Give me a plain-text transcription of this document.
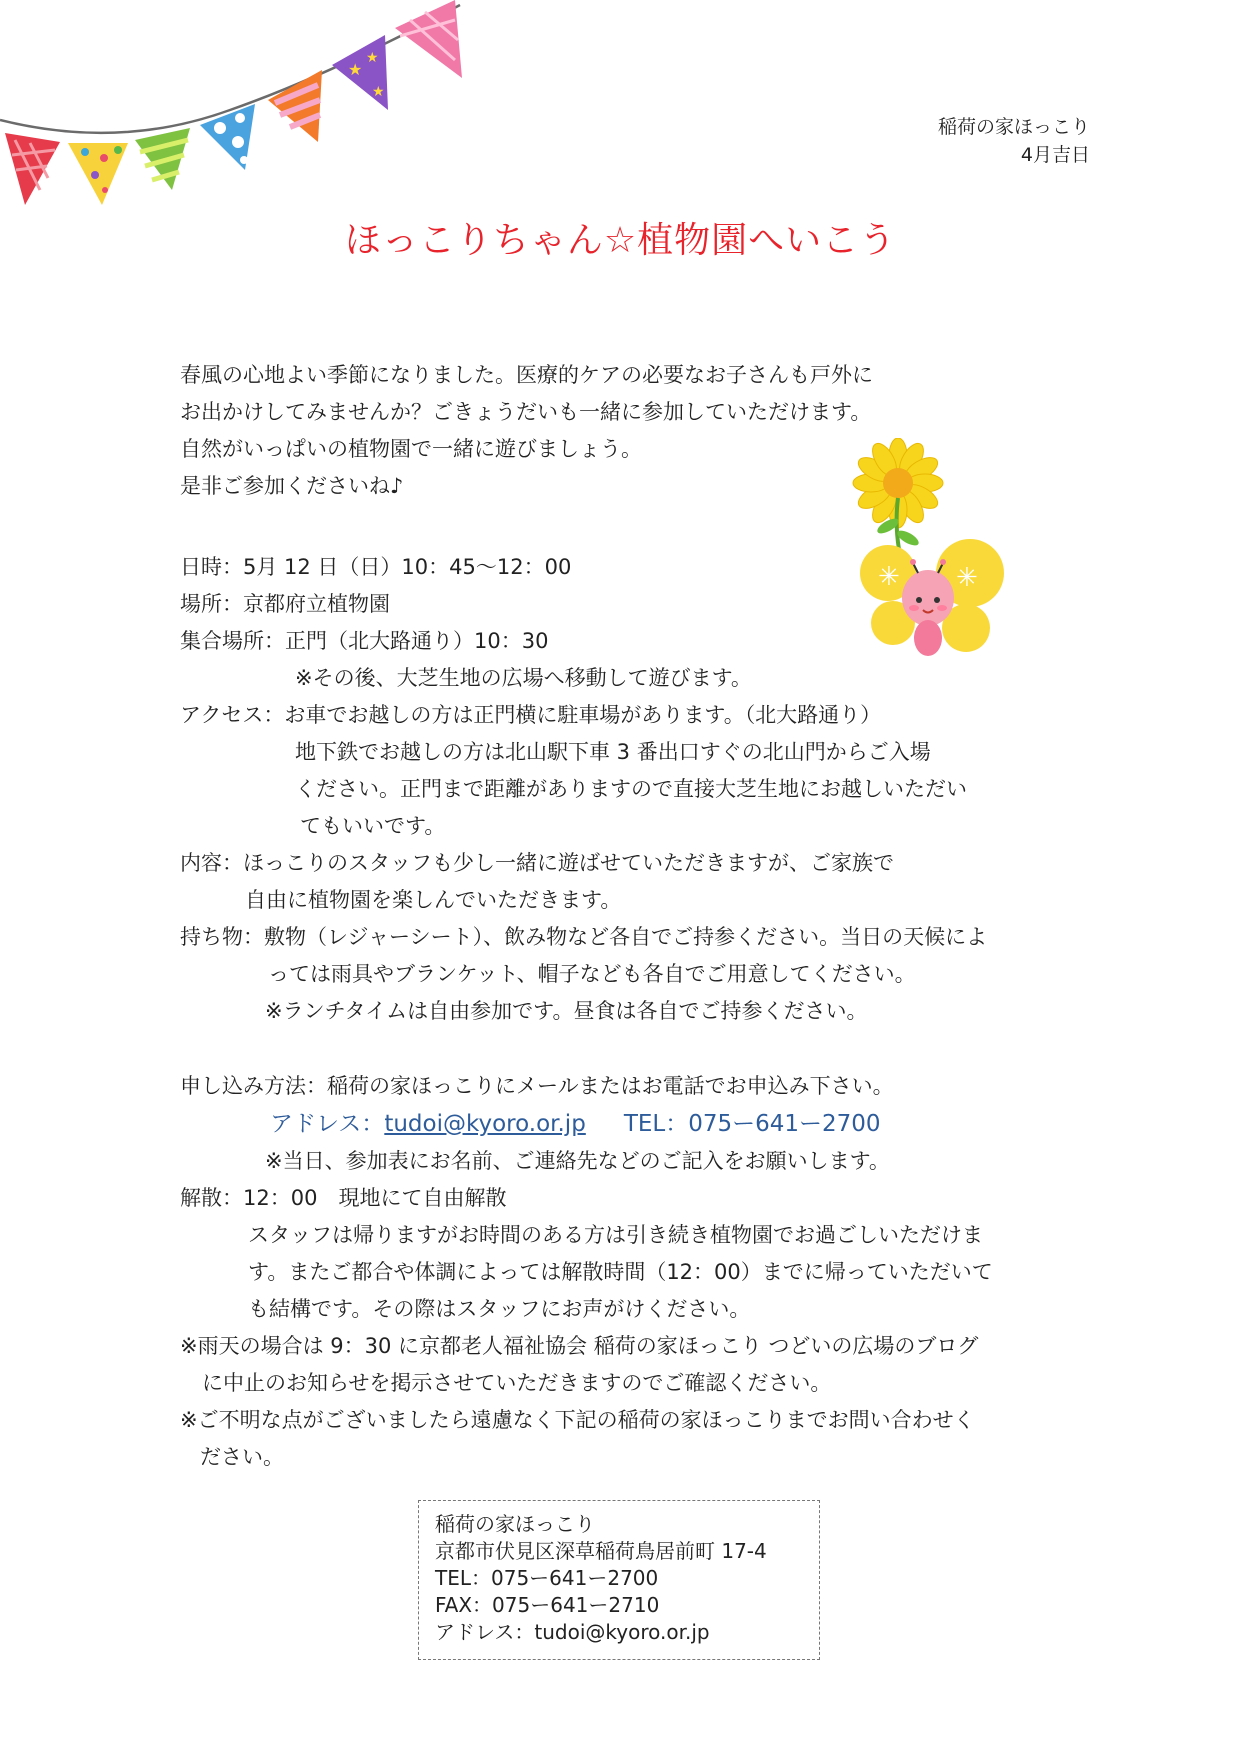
★
★
★
✳ ✳
稲荷の家ほっこり
4月吉日
ほっこりちゃん☆植物園へいこう
春風の心地よい季節になりました。医療的ケアの必要なお子さんも戸外に
お出かけしてみませんか？ごきょうだいも一緒に参加していただけます。
自然がいっぱいの植物園で一緒に遊びましょう。
是非ご参加くださいね♪
日時：5月 12 日（日）10：45～12：00
場所：京都府立植物園
集合場所：正門（北大路通り）10：30
※その後、大芝生地の広場へ移動して遊びます。
アクセス：お車でお越しの方は正門横に駐車場があります。（北大路通り）
地下鉄でお越しの方は北山駅下車 3 番出口すぐの北山門からご入場
ください。正門まで距離がありますので直接大芝生地にお越しいただい
てもいいです。
内容：ほっこりのスタッフも少し一緒に遊ばせていただきますが、ご家族で
自由に植物園を楽しんでいただきます。
持ち物：敷物（レジャーシート）、飲み物など各自でご持参ください。当日の天候によ
っては雨具やブランケット、帽子なども各自でご用意してください。
※ランチタイムは自由参加です。昼食は各自でご持参ください。
申し込み方法：稲荷の家ほっこりにメールまたはお電話でお申込み下さい。
アドレス：tudoi@kyoro.or.jp TEL：075ー641ー2700
※当日、参加表にお名前、ご連絡先などのご記入をお願いします。
解散：12：00　現地にて自由解散
スタッフは帰りますがお時間のある方は引き続き植物園でお過ごしいただけま
す。またご都合や体調によっては解散時間（12：00）までに帰っていただいて
も結構です。その際はスタッフにお声がけください。
※雨天の場合は 9：30 に京都老人福祉協会 稲荷の家ほっこり つどいの広場のブログ
に中止のお知らせを掲示させていただきますのでご確認ください。
※ご不明な点がございましたら遠慮なく下記の稲荷の家ほっこりまでお問い合わせく
ださい。
稲荷の家ほっこり
京都市伏見区深草稲荷鳥居前町 17-4
TEL：075ー641ー2700
FAX：075ー641ー2710
アドレス：tudoi@kyoro.or.jp
